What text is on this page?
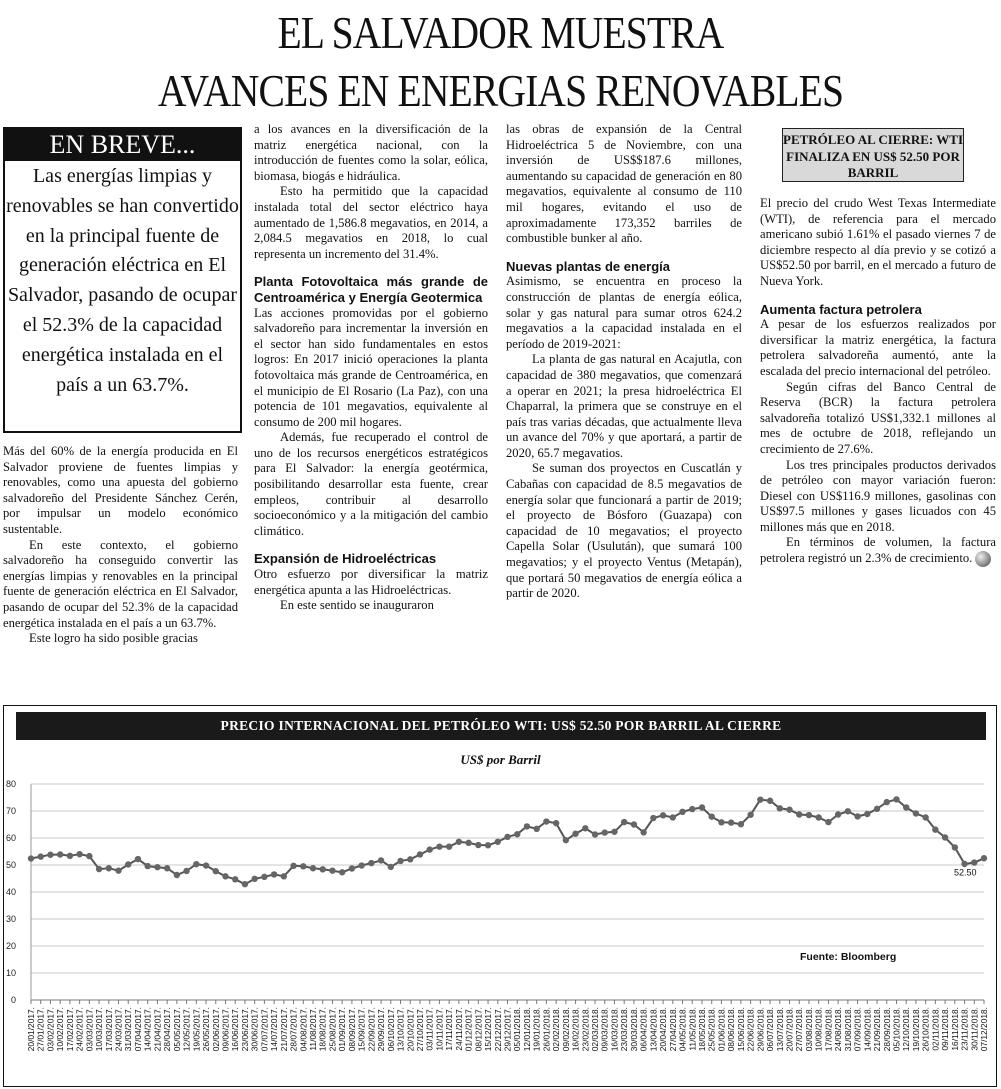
EL SALVADOR MUESTRA
AVANCES EN ENERGIAS RENOVABLES
EN BREVE...
Las energías limpias y renovables se han convertido en la principal fuente de generación eléctrica en El Salvador, pasando de ocupar el 52.3% de la capacidad energética instalada en el país a un 63.7%.

Más del 60% de la energía producida en El Salvador proviene de fuentes limpias y renovables, como una apuesta del gobierno salvadoreño del Presidente Sánchez Cerén, por impulsar un modelo económico sustentable.

En este contexto, el gobierno salvadoreño ha conseguido convertir las energías limpias y renovables en la principal fuente de generación eléctrica en El Salvador, pasando de ocupar del 52.3% de la capacidad energética instalada en el país a un 63.7%.

Este logro ha sido posible gracias

a los avances en la diversificación de la matriz energética nacional, con la introducción de fuentes como la solar, eólica, biomasa, biogás e hidráulica.

Esto ha permitido que la capacidad instalada total del sector eléctrico haya aumentado de 1,586.8 megavatios, en 2014, a 2,084.5 megavatios en 2018, lo cual representa un incremento del 31.4%.

Planta Fotovoltaica más grande de Centroamérica y Energía Geotermica

Las acciones promovidas por el gobierno salvadoreño para incrementar la inversión en el sector han sido fundamentales en estos logros: En 2017 inició operaciones la planta fotovoltaica más grande de Centroamérica, en el municipio de El Rosario (La Paz), con una potencia de 101 megavatios, equivalente al consumo de 200 mil hogares.

Además, fue recuperado el control de uno de los recursos energéticos estratégicos para El Salvador: la energía geotérmica, posibilitando desarrollar esta fuente, crear empleos, contribuir al desarrollo socioeconómico y a la mitigación del cambio climático.

Expansión de Hidroeléctricas

Otro esfuerzo por diversificar la matriz energética apunta a las Hidroeléctricas.

En este sentido se inauguraron

las obras de expansión de la Central Hidroeléctrica 5 de Noviembre, con una inversión de US$$187.6 millones, aumentando su capacidad de generación en 80 megavatios, equivalente al consumo de 110 mil hogares, evitando el uso de aproximadamente 173,352 barriles de combustible bunker al año.

Nuevas plantas de energía

Asimismo, se encuentra en proceso la construcción de plantas de energía eólica, solar y gas natural para sumar otros 624.2 megavatios a la capacidad instalada en el período de 2019-2021:

La planta de gas natural en Acajutla, con capacidad de 380 megavatios, que comenzará a operar en 2021; la presa hidroeléctrica El Chaparral, la primera que se construye en el país tras varias décadas, que actualmente lleva un avance del 70% y que aportará, a partir de 2020, 65.7 megavatios.

Se suman dos proyectos en Cuscatlán y Cabañas con capacidad de 8.5 megavatios de energía solar que funcionará a partir de 2019; el proyecto de Bósforo (Guazapa) con capacidad de 10 megavatios; el proyecto Capella Solar (Usulután), que sumará 100 megavatios; y el proyecto Ventus (Metapán), que portará 50 megavatios de energía eólica a partir de 2020.

PETRÓLEO AL CIERRE: WTI FINALIZA EN US$ 52.50 POR BARRIL

El precio del crudo West Texas Intermediate (WTI), de referencia para el mercado americano subió 1.61% el pasado viernes 7 de diciembre respecto al día previo y se cotizó a US$52.50 por barril, en el mercado a futuro de Nueva York.

Aumenta factura petrolera

A pesar de los esfuerzos realizados por diversificar la matriz energética, la factura petrolera salvadoreña aumentó, ante la escalada del precio internacional del petróleo.

Según cifras del Banco Central de Reserva (BCR) la factura petrolera salvadoreña totalizó US$1,332.1 millones al mes de octubre de 2018, reflejando un crecimiento de 27.6%.

Los tres principales productos derivados de petróleo con mayor variación fueron: Diesel con US$116.9 millones, gasolinas con US$97.5 millones y gases licuados con 45 millones más que en 2018.

En términos de volumen, la factura petrolera registró un 2.3% de crecimiento.

PRECIO INTERNACIONAL DEL PETRÓLEO WTI: US$ 52.50 POR BARRIL AL CIERRE
US$ por Barril
0
10
20
30
40
50
60
70
80
20/01/2017. 27/01/2017. 03/02/2017. 10/02/2017. 17/02/2017. 24/02/2017. 03/03/2017. 10/03/2017. 17/03/2017. 24/03/2017. 31/03/2017. 07/04/2017. 14/04/2017. 21/04/2017. 28/04/2017. 05/05/2017. 12/05/2017. 19/05/2017. 26/05/2017. 02/06/2017. 09/06/2017. 16/06/2017. 23/06/2017. 30/06/2017. 07/07/2017. 14/07/2017. 21/07/2017. 28/07/2017. 04/08/2017. 11/08/2017. 18/08/2017. 25/08/2017. 01/09/2017. 08/09/2017. 15/09/2017. 22/09/2017. 29/09/2017. 06/10/2017. 13/10/2017. 20/10/2017. 27/10/2017. 03/11/2017. 10/11/2017. 17/11/2017. 24/11/2017. 01/12/2017. 08/12/2017. 15/12/2017. 22/12/2017. 29/12/2017. 05/01/2018. 12/01/2018. 19/01/2018. 26/01/2018. 02/02/2018. 09/02/2018. 16/02/2018. 23/02/2018. 02/03/2018. 09/03/2018. 16/03/2018. 23/03/2018. 30/03/2018. 06/04/2018. 13/04/2018. 20/04/2018. 27/04/2018. 04/05/2018. 11/05/2018. 18/05/2018. 25/05/2018. 01/06/2018. 08/06/2018. 15/06/2018. 22/06/2018. 29/06/2018. 06/07/2018. 13/07/2018. 20/07/2018. 27/07/2018. 03/08/2018. 10/08/2018. 17/08/2018. 24/08/2018. 31/08/2018. 07/09/2018. 14/09/2018. 21/09/2018. 28/09/2018. 05/10/2018. 12/10/2018. 19/10/2018. 26/10/2018. 02/11/2018. 09/11/2018. 16/11/2018. 23/11/2018. 30/11/2018. 07/12/2018.
52.50
Fuente: Bloomberg
